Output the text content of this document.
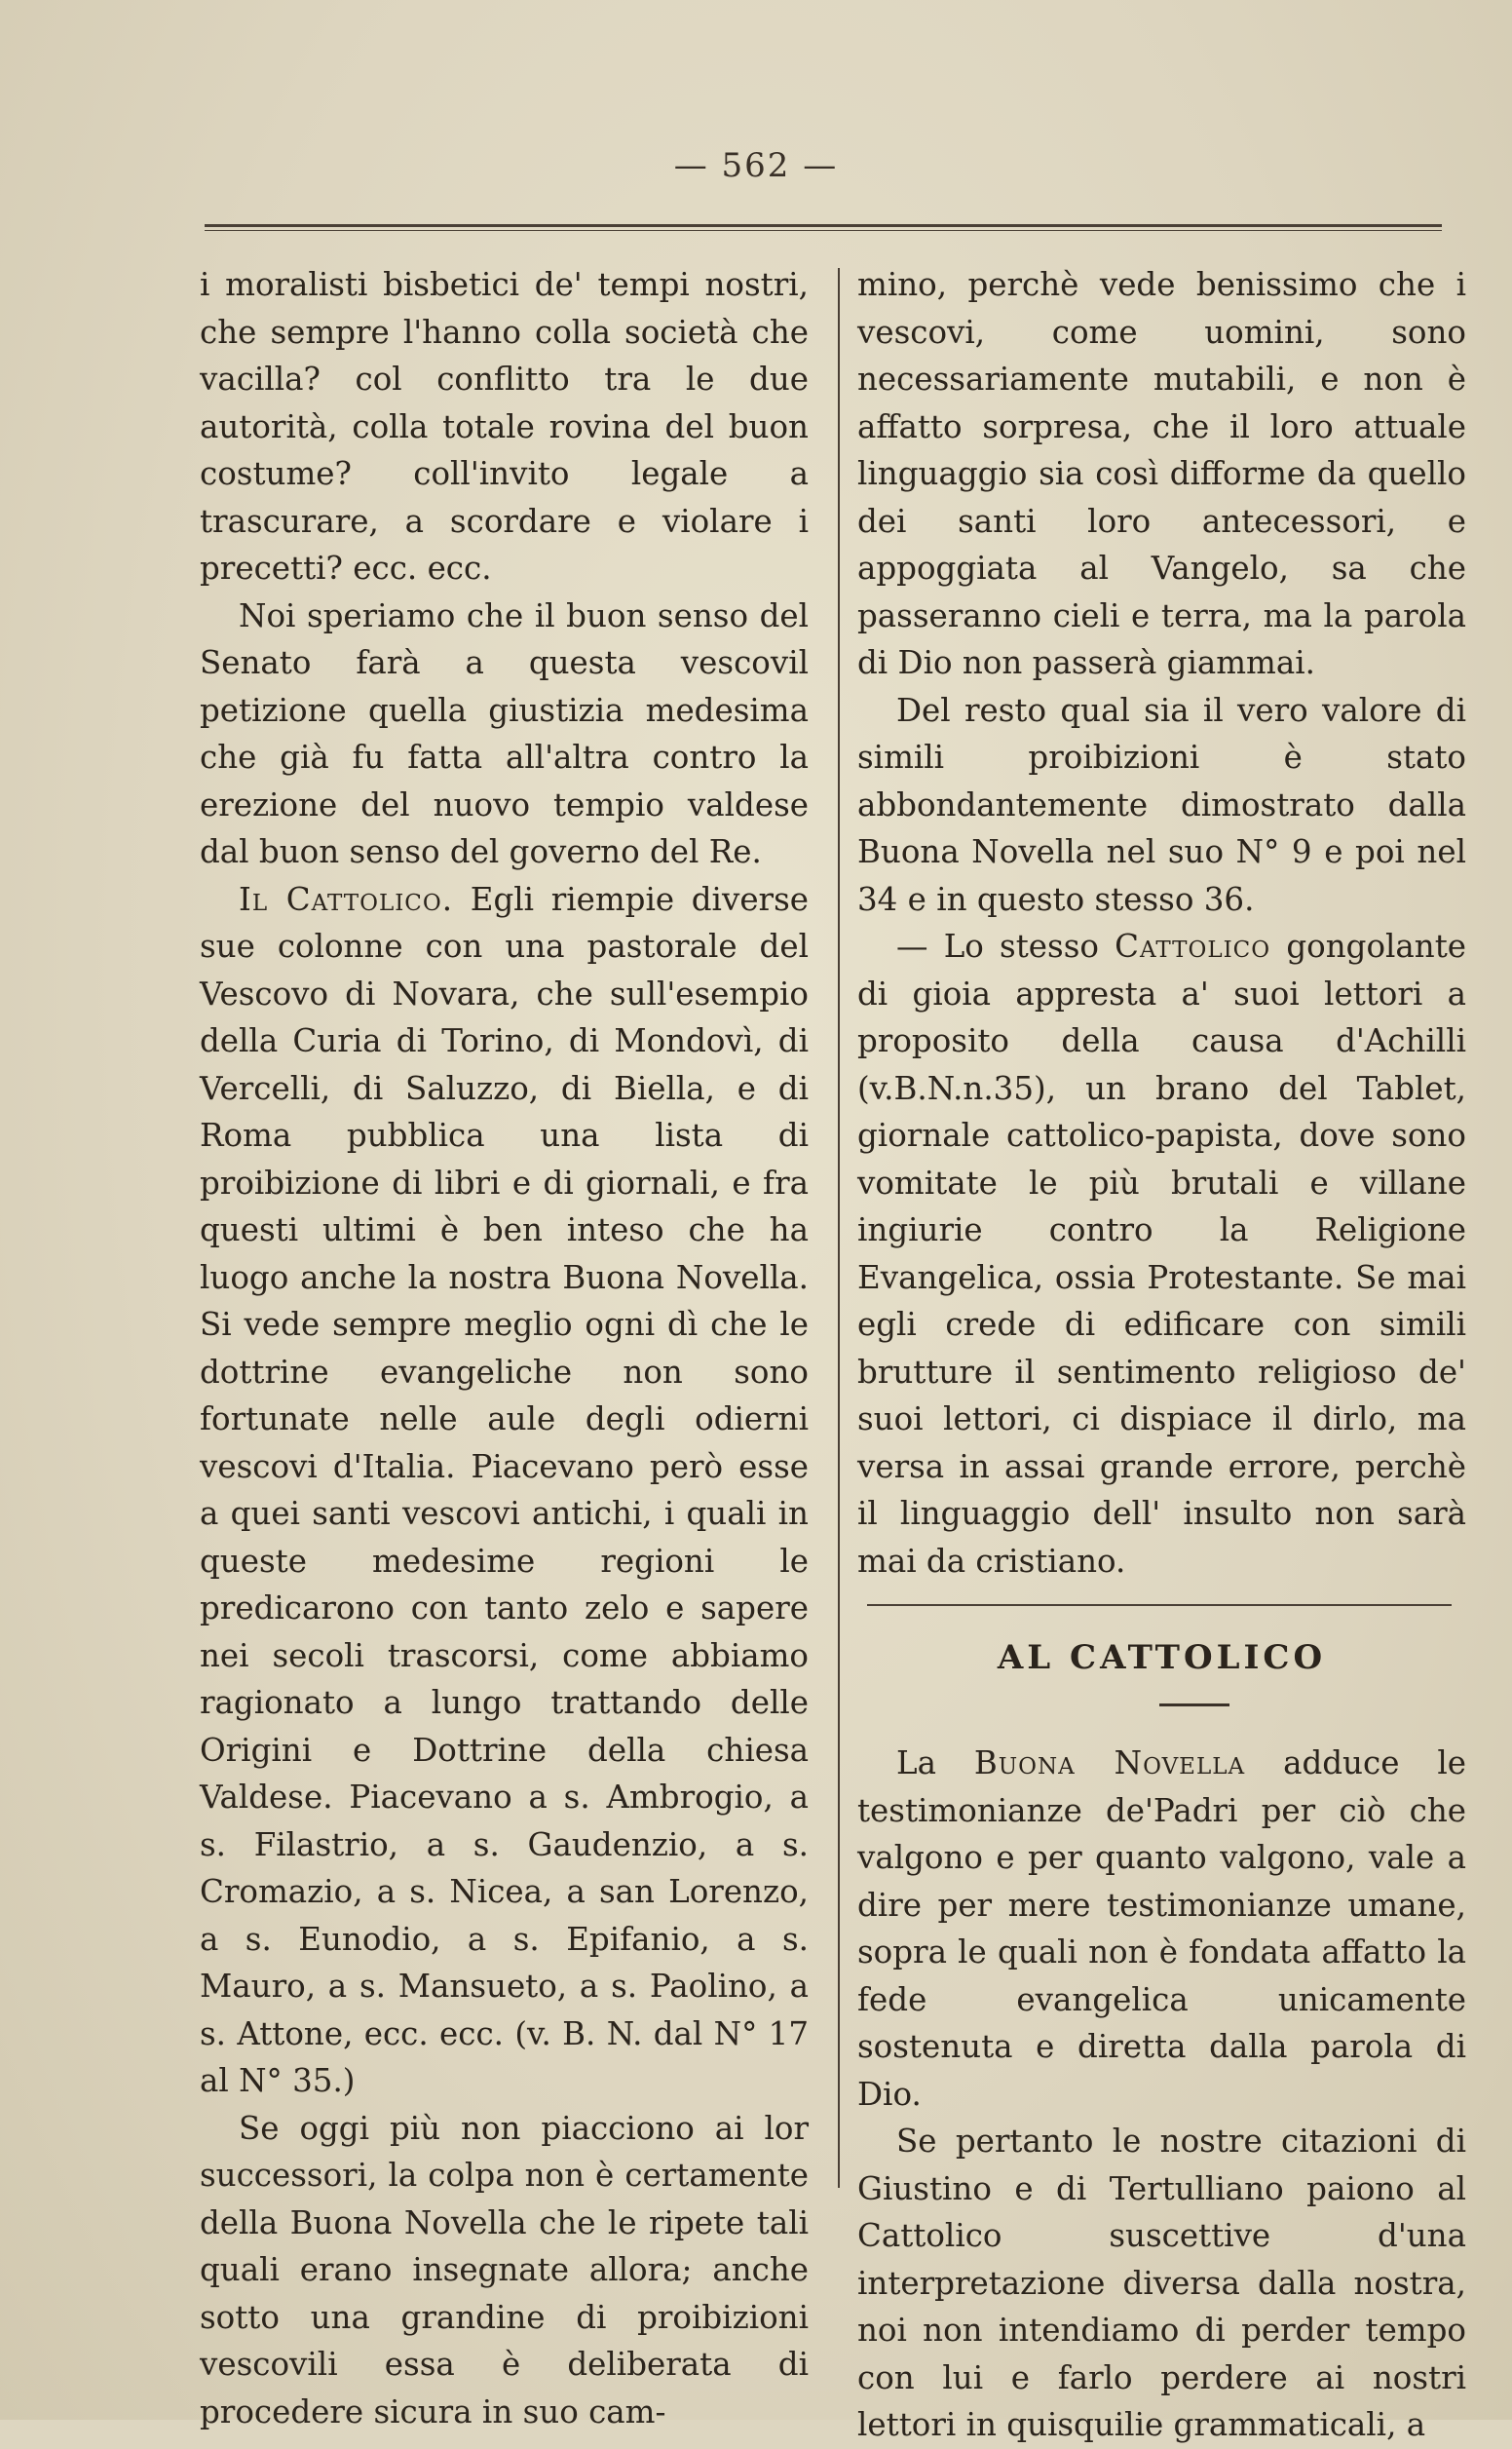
— 562 —

i moralisti bisbetici de' tempi nostri, che sempre l'hanno colla società che vacilla? col conflitto tra le due autorità, colla totale rovina del buon costume? coll'invito legale a trascurare, a scordare e violare i precetti? ecc. ecc.

Noi speriamo che il buon senso del Senato farà a questa vescovil petizione quella giustizia medesima che già fu fatta all'altra contro la erezione del nuovo tempio valdese dal buon senso del governo del Re.

Il Cattolico. Egli riempie diverse sue colonne con una pastorale del Vescovo di Novara, che sull'esempio della Curia di Torino, di Mondovì, di Vercelli, di Saluzzo, di Biella, e di Roma pubblica una lista di proibizione di libri e di giornali, e fra questi ultimi è ben inteso che ha luogo anche la nostra Buona Novella. Si vede sempre meglio ogni dì che le dottrine evangeliche non sono fortunate nelle aule degli odierni vescovi d'Italia. Piacevano però esse a quei santi vescovi antichi, i quali in queste medesime regioni le predicarono con tanto zelo e sapere nei secoli trascorsi, come abbiamo ragionato a lungo trattando delle Origini e Dottrine della chiesa Valdese. Piacevano a s. Ambrogio, a s. Filastrio, a s. Gaudenzio, a s. Cromazio, a s. Nicea, a san Lorenzo, a s. Eunodio, a s. Epifanio, a s. Mauro, a s. Mansueto, a s. Paolino, a s. Attone, ecc. ecc. (v. B. N. dal N° 17 al N° 35.)

Se oggi più non piacciono ai lor successori, la colpa non è certamente della Buona Novella che le ripete tali quali erano insegnate allora; anche sotto una grandine di proibizioni vescovili essa è deliberata di procedere sicura in suo cam-

mino, perchè vede benissimo che i vescovi, come uomini, sono necessariamente mutabili, e non è affatto sorpresa, che il loro attuale linguaggio sia così difforme da quello dei santi loro antecessori, e appoggiata al Vangelo, sa che passeranno cieli e terra, ma la parola di Dio non passerà giammai.

Del resto qual sia il vero valore di simili proibizioni è stato abbondantemente dimostrato dalla Buona Novella nel suo N° 9 e poi nel 34 e in questo stesso 36.

— Lo stesso Cattolico gongolante di gioia appresta a' suoi lettori a proposito della causa d'Achilli (v.B.N.n.35), un brano del Tablet, giornale cattolico-papista, dove sono vomitate le più brutali e villane ingiurie contro la Religione Evangelica, ossia Protestante. Se mai egli crede di edificare con simili brutture il sentimento religioso de' suoi lettori, ci dispiace il dirlo, ma versa in assai grande errore, perchè il linguaggio dell' insulto non sarà mai da cristiano.

AL CATTOLICO

La Buona Novella adduce le testimonianze de'Padri per ciò che valgono e per quanto valgono, vale a dire per mere testimonianze umane, sopra le quali non è fondata affatto la fede evangelica unicamente sostenuta e diretta dalla parola di Dio.

Se pertanto le nostre citazioni di Giustino e di Tertulliano paiono al Cattolico suscettive d'una interpretazione diversa dalla nostra, noi non intendiamo di perder tempo con lui e farlo perdere ai nostri lettori in quisquilie grammaticali, a
